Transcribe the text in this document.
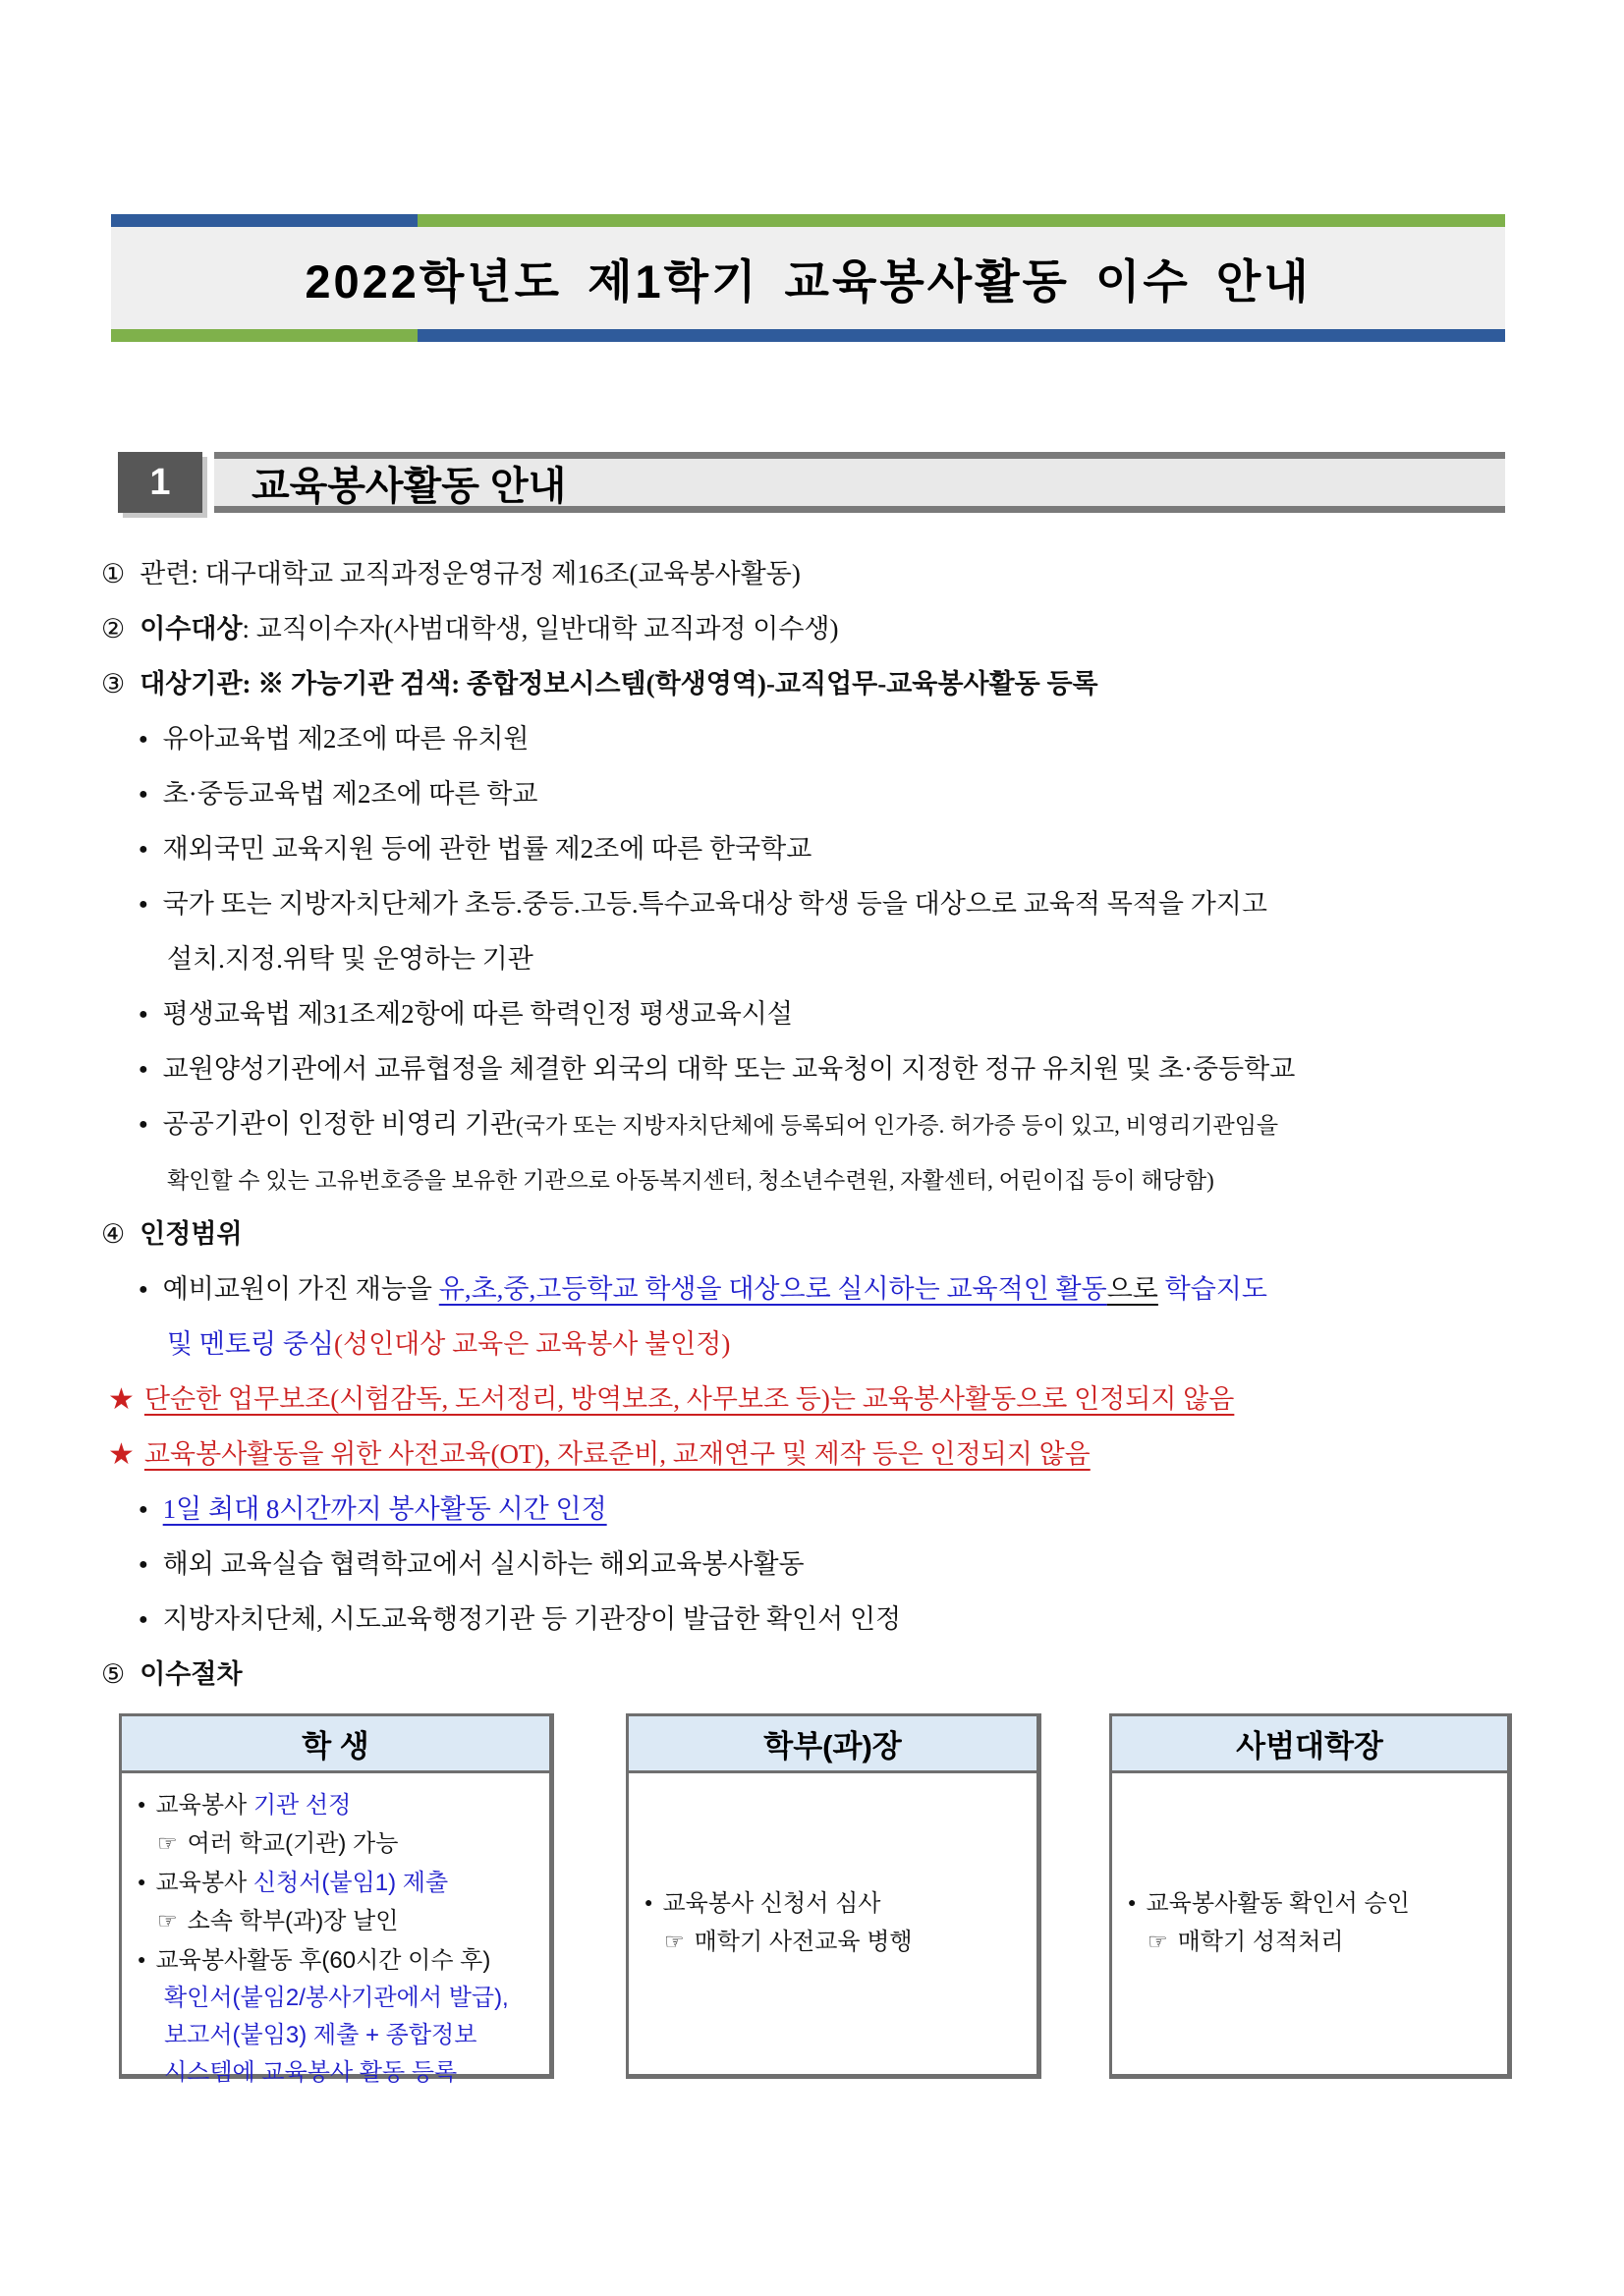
2022학년도 제1학기 교육봉사활동 이수 안내
1	교육봉사활동 안내
① 관련: 대구대학교 교직과정운영규정 제16조(교육봉사활동)
② 이수대상: 교직이수자(사범대학생, 일반대학 교직과정 이수생)
③ 대상기관: ※ 가능기관 검색: 종합정보시스템(학생영역)-교직업무-교육봉사활동 등록
● 유아교육법 제2조에 따른 유치원
● 초·중등교육법 제2조에 따른 학교
● 재외국민 교육지원 등에 관한 법률 제2조에 따른 한국학교
● 국가 또는 지방자치단체가 초등.중등.고등.특수교육대상 학생 등을 대상으로 교육적 목적을 가지고
설치.지정.위탁 및 운영하는 기관
● 평생교육법 제31조제2항에 따른 학력인정 평생교육시설
● 교원양성기관에서 교류협정을 체결한 외국의 대학 또는 교육청이 지정한 정규 유치원 및 초·중등학교
● 공공기관이 인정한 비영리 기관(국가 또는 지방자치단체에 등록되어 인가증. 허가증 등이 있고, 비영리기관임을
확인할 수 있는 고유번호증을 보유한 기관으로 아동복지센터, 청소년수련원, 자활센터, 어린이집 등이 해당함)
④ 인정범위
● 예비교원이 가진 재능을 유,초,중,고등학교 학생을 대상으로 실시하는 교육적인 활동으로 학습지도
및 멘토링 중심(성인대상 교육은 교육봉사 불인정)
★ 단순한 업무보조(시험감독, 도서정리, 방역보조, 사무보조 등)는 교육봉사활동으로 인정되지 않음
★ 교육봉사활동을 위한 사전교육(OT), 자료준비, 교재연구 및 제작 등은 인정되지 않음
● 1일 최대 8시간까지 봉사활동 시간 인정
● 해외 교육실습 협력학교에서 실시하는 해외교육봉사활동
● 지방자치단체, 시도교육행정기관 등 기관장이 발급한 확인서 인정
⑤ 이수절차
학 생
● 교육봉사 기관 선정
☞ 여러 학교(기관) 가능
● 교육봉사 신청서(붙임1) 제출
☞ 소속 학부(과)장 날인
● 교육봉사활동 후(60시간 이수 후)
확인서(붙임2/봉사기관에서 발급),
보고서(붙임3) 제출 + 종합정보
시스템에 교육봉사 활동 등록
학부(과)장
● 교육봉사 신청서 심사
☞ 매학기 사전교육 병행
사범대학장
● 교육봉사활동 확인서 승인
☞ 매학기 성적처리
